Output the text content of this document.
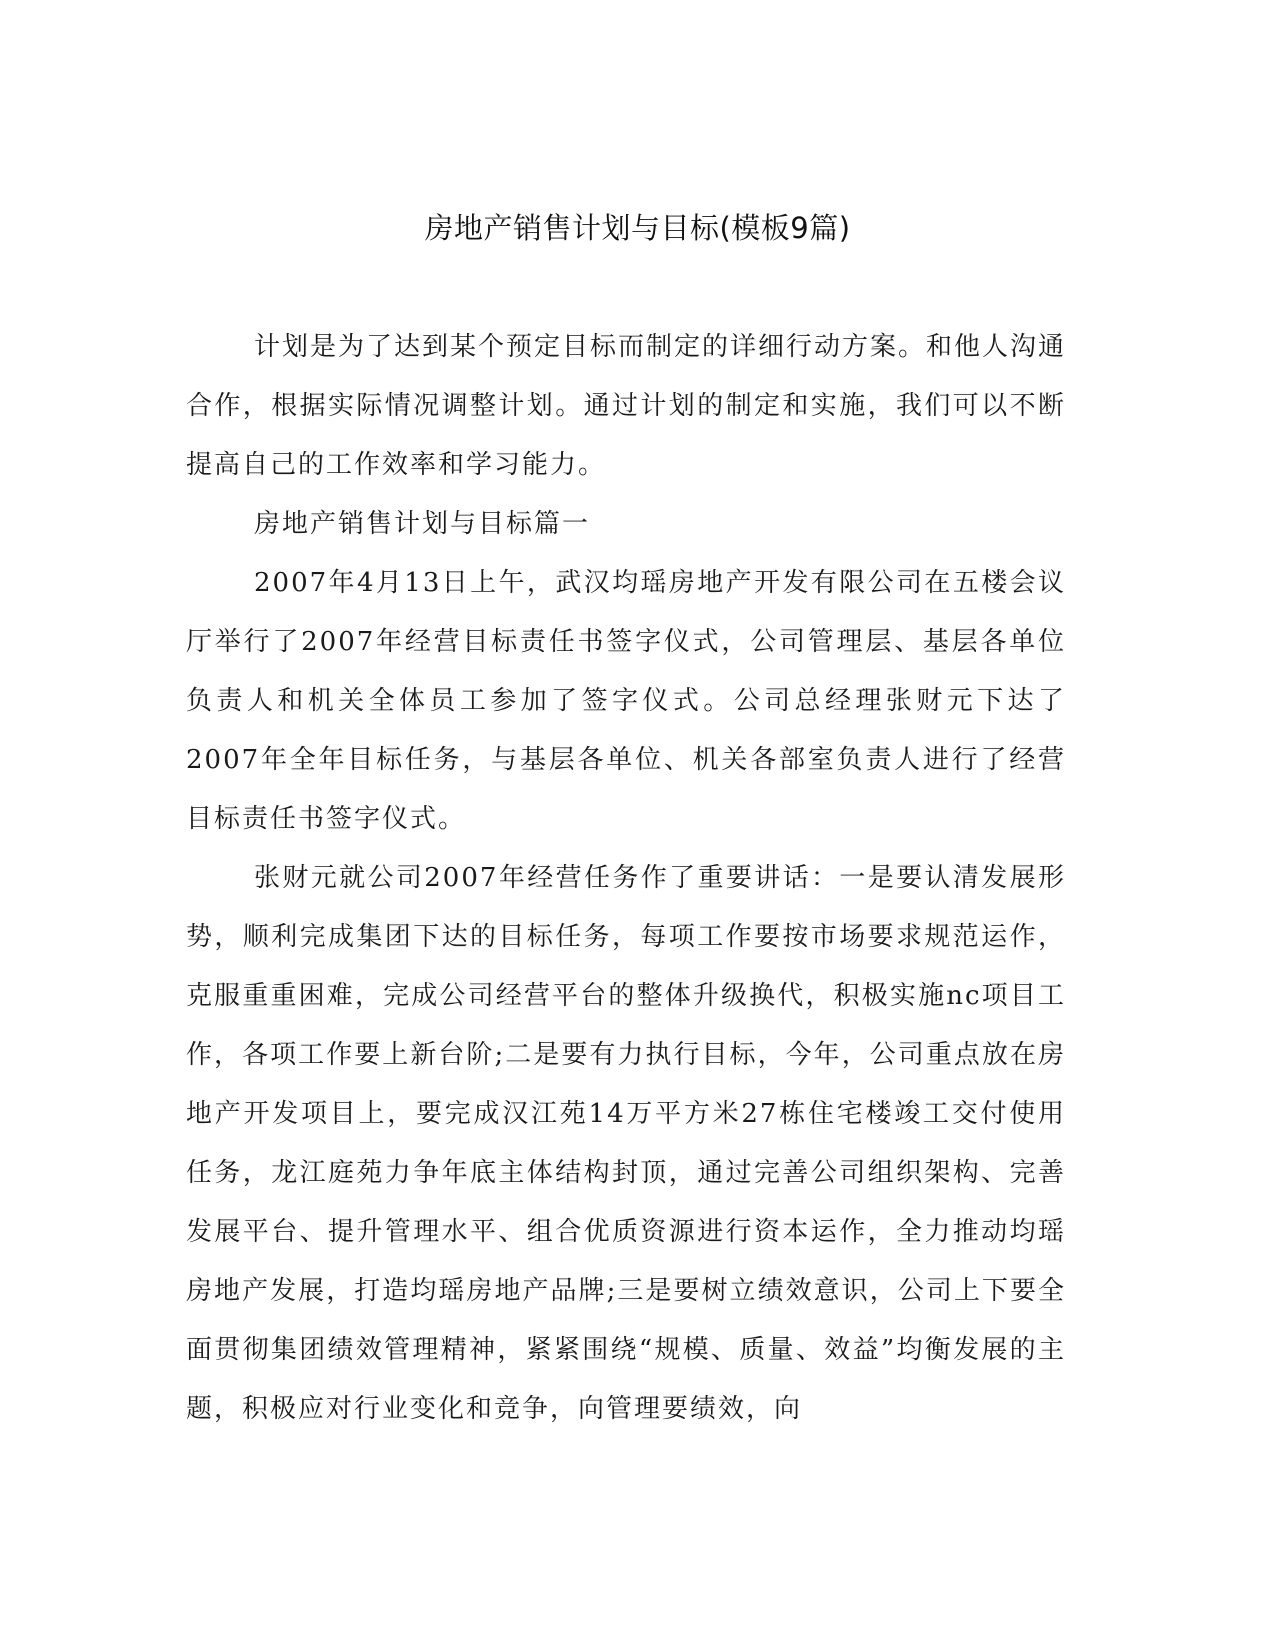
房地产销售计划与目标(模板9篇)

计划是为了达到某个预定目标而制定的详细行动方案。和他人沟通合作，根据实际情况调整计划。通过计划的制定和实施，我们可以不断提高自己的工作效率和学习能力。

房地产销售计划与目标篇一

2007年4月13日上午，武汉均瑶房地产开发有限公司在五楼会议厅举行了2007年经营目标责任书签字仪式，公司管理层、基层各单位负责人和机关全体员工参加了签字仪式。公司总经理张财元下达了2007年全年目标任务，与基层各单位、机关各部室负责人进行了经营目标责任书签字仪式。

张财元就公司2007年经营任务作了重要讲话：一是要认清发展形势，顺利完成集团下达的目标任务，每项工作要按市场要求规范运作，克服重重困难，完成公司经营平台的整体升级换代，积极实施nc项目工作，各项工作要上新台阶;二是要有力执行目标，今年，公司重点放在房地产开发项目上，要完成汉江苑14万平方米27栋住宅楼竣工交付使用任务，龙江庭苑力争年底主体结构封顶，通过完善公司组织架构、完善发展平台、提升管理水平、组合优质资源进行资本运作，全力推动均瑶房地产发展，打造均瑶房地产品牌;三是要树立绩效意识，公司上下要全面贯彻集团绩效管理精神，紧紧围绕“规模、质量、效益”均衡发展的主题，积极应对行业变化和竞争，向管理要绩效，向
